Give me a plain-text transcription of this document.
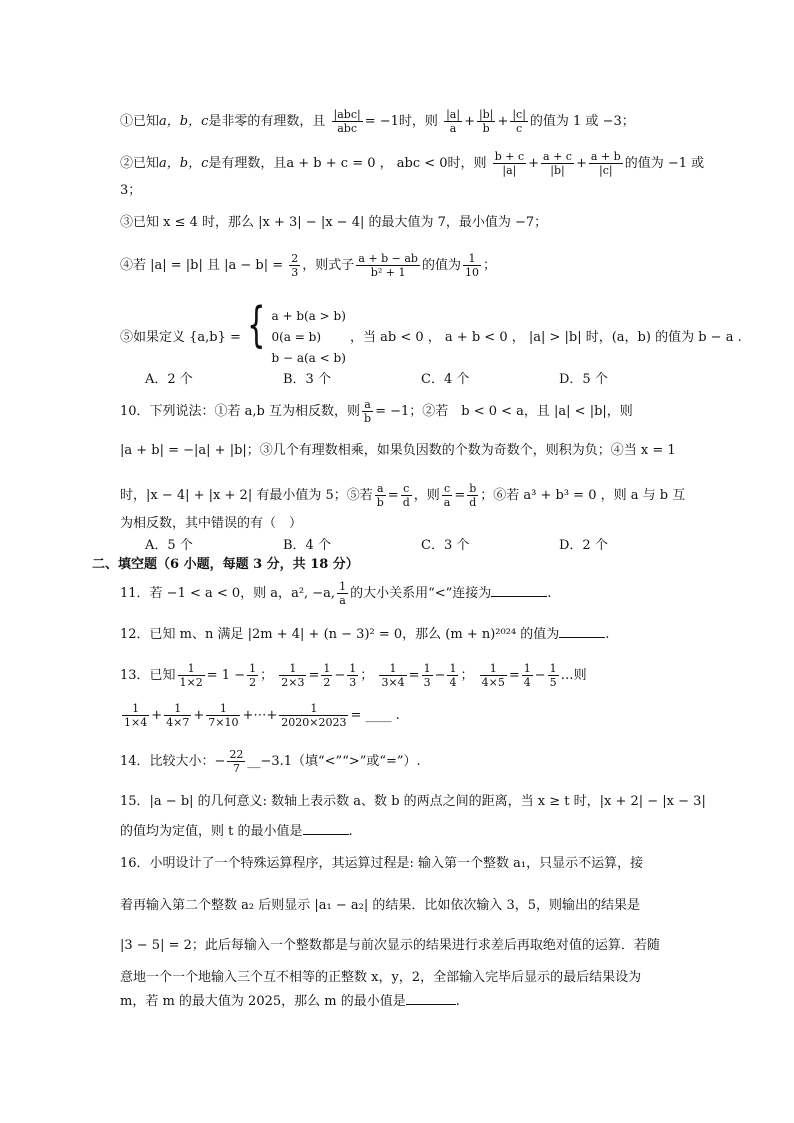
①已知a，b，c是非零的有理数，且 $\frac{\text{|abc|}}{\text{abc}} = -1$时，则 $\frac{|a|}{a} + \frac{|b|}{b} + \frac{|c|}{c}$ 的值为 1 或 −3；
②已知a，b，c是有理数，且a + b + c = 0 ， abc < 0时，则 $\frac{b + c}{|a|} + \frac{a + c}{|b|} + \frac{a + b}{|c|}$ 的值为 −1 或
3；
③已知 x ≤ 4 时，那么 |x + 3| − |x − 4| 的最大值为 7，最小值为 −7；
④若 |a| = |b| 且 $|a - b| = \frac{2}{3}$ ，则式子 $\frac{a + b - ab}{\text{b² + 1}}$ 的值为 $\frac{1}{10}$ ；
⑤如果定义 {a,b} = { a + b(a > b)
0(a = b)
b − a(a < b) ，当 ab < 0 ， a + b < 0 ， |a| > |b| 时，(a，b) 的值为 b − a .
A．2 个	B．3 个	C．4 个	D．5 个
10．下列说法：①若 a,b 互为相反数，则 $\frac{a}{b} = -1$；②若　b < 0 < a，且 |a| < |b|，则
|a + b| = −|a| + |b|；③几个有理数相乘，如果负因数的个数为奇数个，则积为负；④当 x = 1
时，|x − 4| + |x + 2| 有最小值为 5；⑤若 $\frac{a}{b} = \frac{c}{d}$ ，则 $\frac{c}{a} = \frac{b}{d}$ ；⑥若 a³ + b³ = 0 ，则 a 与 b 互
为相反数，其中错误的有（　）
A．5 个	B．4 个	C．3 个	D．2 个
二、填空题（6 小题，每题 3 分，共 18 分）
11．若 −1 < a < 0，则 a，a², −a, $\frac{1}{a}$ 的大小关系用“<”连接为	.
12．已知 m、n 满足 |2m + 4| + (n − 3)² = 0，那么 (m + n)²⁰²⁴ 的值为	.
13．已知 $\frac{1}{1\times 2} = 1 - \frac{1}{2}$ ； $\frac{1}{2\times 3} = \frac{1}{2} - \frac{1}{3}$ ； $\frac{1}{3\times 4} = \frac{1}{3} - \frac{1}{4}$ ； $\frac{1}{4\times 5} = \frac{1}{4} - \frac{1}{5}$ …则
$\frac{1}{1\times 4} + \frac{1}{4\times 7} + \frac{1}{7\times 10}$ +⋯+ $\frac{1}{2020\times 2023}$ = ____ .
14．比较大小：− $\frac{22}{7}$ __−3.1（填“<”“>”或“=”）.
15．|a − b| 的几何意义: 数轴上表示数 a、数 b 的两点之间的距离，当 x ≥ t 时，|x + 2| − |x − 3|
的值均为定值，则 t 的最小值是	.
16．小明设计了一个特殊运算程序，其运算过程是: 输入第一个整数 a₁，只显示不运算，接
着再输入第二个整数 a₂ 后则显示 |a₁ − a₂| 的结果．比如依次输入 3，5，则输出的结果是
|3 − 5| = 2；此后每输入一个整数都是与前次显示的结果进行求差后再取绝对值的运算．若随
意地一个一个地输入三个互不相等的正整数 x，y，2，全部输入完毕后显示的最后结果设为
m，若 m 的最大值为 2025，那么 m 的最小值是	.
